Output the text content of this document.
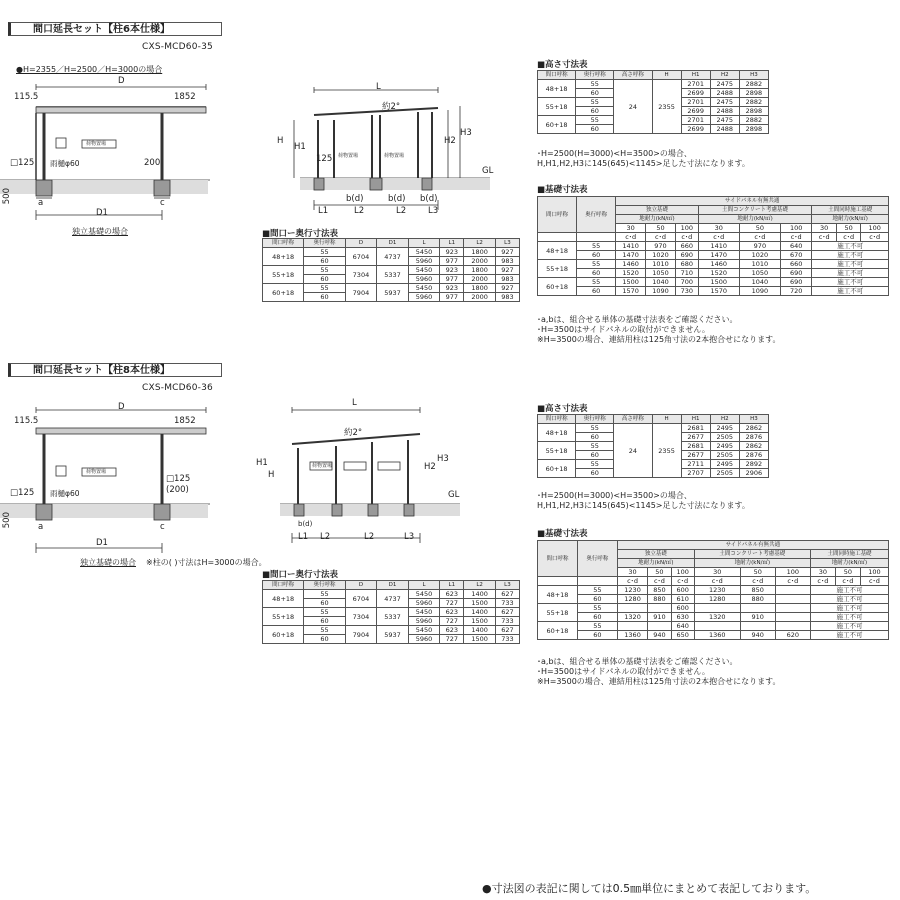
間口延長セット【柱6本仕様】
CXS-MCD60-35
●H=2355／H=2500／H=3000の場合
D
115.5	1852
□125 雨樋φ60	200
500	a	c
D1
荷物置場
独立基礎の場合
L
約2°
H
H1
H2
H3
GL
125
L1	L2	L2	L3
b(d)	b(d) b(d)
荷物置場	荷物置場
■間口ー奥行寸法表
間口呼称	奥行呼称	D	D1	L	L1	L2	L3
48+18	55	6704	4737	5450	923	1800	927
	60			5960	977	2000	983
55+18	55	7304	5337	5450	923	1800	927
	60			5960	977	2000	983
60+18	55	7904	5937	5450	923	1800	927
	60			5960	977	2000	983
■高さ寸法表
間口呼称	奥行呼称	高さ呼称	H	H1	H2	H3
48+18	55	24	2355	2701	2475	2882
	60			2699	2488	2898
55+18	55			2701	2475	2882
	60			2699	2488	2898
60+18	55			2701	2475	2882
	60			2699	2488	2898
･H=2500(H=3000)<H=3500>の場合、
H,H1,H2,H3に145(645)<1145>足した寸法になります。
■基礎寸法表
間口呼称	奥行呼称	サイドパネル有無共通								
		独立基礎			土間コンクリート考慮基礎			土間同時施工基礎		
		地耐力(kN/㎡)			地耐力(kN/㎡)			地耐力(kN/㎡)		
		30	50	100	30	50	100	30	50	100
		c･d	c･d	c･d	c･d	c･d	c･d	c･d	c･d	c･d
48+18	55	1410	970	660	1410	970	640	施工不可		
	60	1470	1020	690	1470	1020	670	施工不可		
55+18	55	1460	1010	680	1460	1010	660	施工不可		
	60	1520	1050	710	1520	1050	690	施工不可		
60+18	55	1500	1040	700	1500	1040	690	施工不可		
	60	1570	1090	730	1570	1090	720	施工不可		
･a,bは、組合せる単体の基礎寸法表をご確認ください。
･H=3500はサイドパネルの取付ができません。
※H=3500の場合、連結用柱は125角寸法の2本抱合せになります。
間口延長セット【柱8本仕様】
CXS-MCD60-36
D
115.5	1852
□125 雨樋φ60
□125
(200)
500	a	c
D1
荷物置場
独立基礎の場合 ※柱の( )寸法はH=3000の場合。
L
約2°
H
H1	H2
H3
GL
L1 L2	L2	L3
b(d)
荷物置場
■間口ー奥行寸法表
間口呼称	奥行呼称	D	D1	L	L1	L2	L3
48+18	55	6704	4737	5450	623	1400	627
	60			5960	727	1500	733
55+18	55	7304	5337	5450	623	1400	627
	60			5960	727	1500	733
60+18	55	7904	5937	5450	623	1400	627
	60			5960	727	1500	733
■高さ寸法表
間口呼称	奥行呼称	高さ呼称	H	H1	H2	H3
48+18	55	24	2355	2681	2495	2862
	60			2677	2505	2876
55+18	55			2681	2495	2862
	60			2677	2505	2876
60+18	55			2711	2495	2892
	60			2707	2505	2906
･H=2500(H=3000)<H=3500>の場合、
H,H1,H2,H3に145(645)<1145>足した寸法になります。
■基礎寸法表
間口呼称	奥行呼称	サイドパネル有無共通								
		独立基礎			土間コンクリート考慮基礎			土間同時施工基礎		
		地耐力(kN/㎡)			地耐力(kN/㎡)			地耐力(kN/㎡)		
		30	50	100	30	50	100	30	50	100
		c･d	c･d	c･d	c･d	c･d	c･d	c･d	c･d	c･d
48+18	55	1230	850	600	1230	850		施工不可		
	60	1280	880	610	1280	880		施工不可		
55+18	55			600				施工不可		
	60	1320	910	630	1320	910		施工不可		
60+18	55			640				施工不可		
	60	1360	940	650	1360	940	620	施工不可		
･a,bは、組合せる単体の基礎寸法表をご確認ください。
･H=3500はサイドパネルの取付ができません。
※H=3500の場合、連結用柱は125角寸法の2本抱合せになります。
●寸法図の表記に関しては0.5㎜単位にまとめて表記しております。
